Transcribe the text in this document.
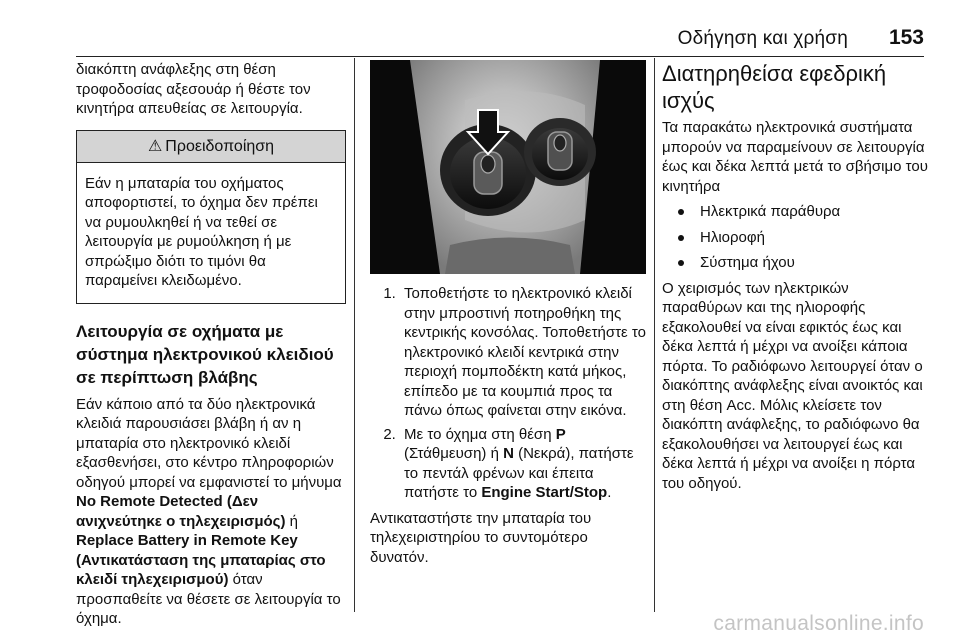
Οδήγηση και χρήση 153

διακόπτη ανάφλεξης στη θέση τροφοδοσίας αξεσουάρ ή θέστε τον κινητήρα απευθείας σε λειτουργία.

⚠ Προειδοποίηση
Εάν η μπαταρία του οχήματος αποφορτιστεί, το όχημα δεν πρέπει να ρυμουλκηθεί ή να τεθεί σε λειτουργία με ρυμούλκηση ή με σπρώξιμο διότι το τιμόνι θα παραμείνει κλειδωμένο.
Λειτουργία σε οχήματα με σύστημα ηλεκτρονικού κλειδιού σε περίπτωση βλάβης

Εάν κάποιο από τα δύο ηλεκτρονικά κλειδιά παρουσιάσει βλάβη ή αν η μπαταρία στο ηλεκτρονικό κλειδί εξασθενήσει, στο κέντρο πληροφοριών οδηγού μπορεί να εμφανιστεί το μήνυμα No Remote Detected (Δεν ανιχνεύτηκε ο τηλεχειρισμός) ή Replace Battery in Remote Key (Αντικατάσταση της μπαταρίας στο κλειδί τηλεχειρισμού) όταν προσπαθείτε να θέσετε σε λειτουργία το όχημα.

1. Τοποθετήστε το ηλεκτρονικό κλειδί στην μπροστινή ποτηροθήκη της κεντρικής κονσόλας. Τοποθετήστε το ηλεκτρονικό κλειδί κεντρικά στην περιοχή πομποδέκτη κατά μήκος, επίπεδο με τα κουμπιά προς τα πάνω όπως φαίνεται στην εικόνα.
2. Με το όχημα στη θέση P (Στάθμευση) ή N (Νεκρά), πατήστε το πεντάλ φρένων και έπειτα πατήστε το Engine Start/Stop.

Αντικαταστήστε την μπαταρία του τηλεχειριστηρίου το συντομότερο δυνατόν.

Διατηρηθείσα εφεδρική ισχύς

Τα παρακάτω ηλεκτρονικά συστήματα μπορούν να παραμείνουν σε λειτουργία έως και δέκα λεπτά μετά το σβήσιμο του κινητήρα

Ηλεκτρικά παράθυρα
Ηλιοροφή
Σύστημα ήχου

Ο χειρισμός των ηλεκτρικών παραθύρων και της ηλιοροφής εξακολουθεί να είναι εφικτός έως και δέκα λεπτά ή μέχρι να ανοίξει κάποια πόρτα. Το ραδιόφωνο λειτουργεί όταν ο διακόπτης ανάφλεξης είναι ανοικτός και στη θέση Acc. Μόλις κλείσετε τον διακόπτη ανάφλεξης, το ραδιόφωνο θα εξακολουθήσει να λειτουργεί έως και δέκα λεπτά ή μέχρι να ανοίξει η πόρτα του οδηγού.

carmanualsonline.info
